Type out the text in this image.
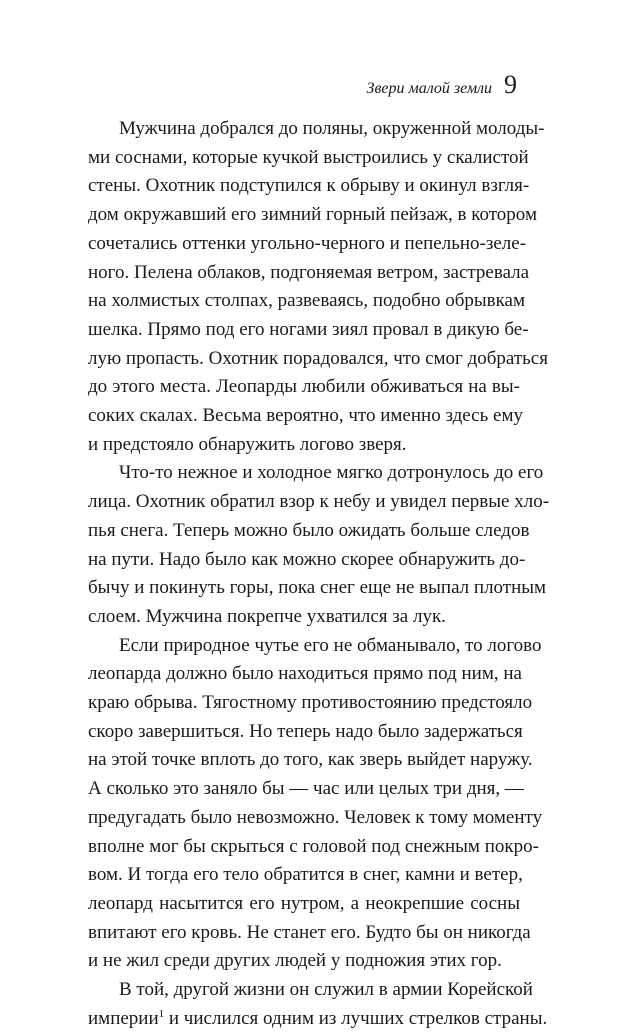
Звери малой земли 9
Мужчина добрался до поляны, окруженной молоды-
ми соснами, которые кучкой выстроились у скалистой
стены. Охотник подступился к обрыву и окинул взгля-
дом окружавший его зимний горный пейзаж, в котором
сочетались оттенки угольно-черного и пепельно-зеле-
ного. Пелена облаков, подгоняемая ветром, застревала
на холмистых столпах, развеваясь, подобно обрывкам
шелка. Прямо под его ногами зиял провал в дикую бе-
лую пропасть. Охотник порадовался, что смог добраться
до этого места. Леопарды любили обживаться на вы-
соких скалах. Весьма вероятно, что именно здесь ему
и предстояло обнаружить логово зверя.
Что-то нежное и холодное мягко дотронулось до его
лица. Охотник обратил взор к небу и увидел первые хло-
пья снега. Теперь можно было ожидать больше следов
на пути. Надо было как можно скорее обнаружить до-
бычу и покинуть горы, пока снег еще не выпал плотным
слоем. Мужчина покрепче ухватился за лук.
Если природное чутье его не обманывало, то логово
леопарда должно было находиться прямо под ним, на
краю обрыва. Тягостному противостоянию предстояло
скоро завершиться. Но теперь надо было задержаться
на этой точке вплоть до того, как зверь выйдет наружу.
А сколько это заняло бы — час или целых три дня, —
предугадать было невозможно. Человек к тому моменту
вполне мог бы скрыться с головой под снежным покро-
вом. И тогда его тело обратится в снег, камни и ветер,
леопард насытится его нутром, а неокрепшие сосны
впитают его кровь. Не станет его. Будто бы он никогда
и не жил среди других людей у подножия этих гор.
В той, другой жизни он служил в армии Корейской
империи$^1$ и числился одним из лучших стрелков страны.
